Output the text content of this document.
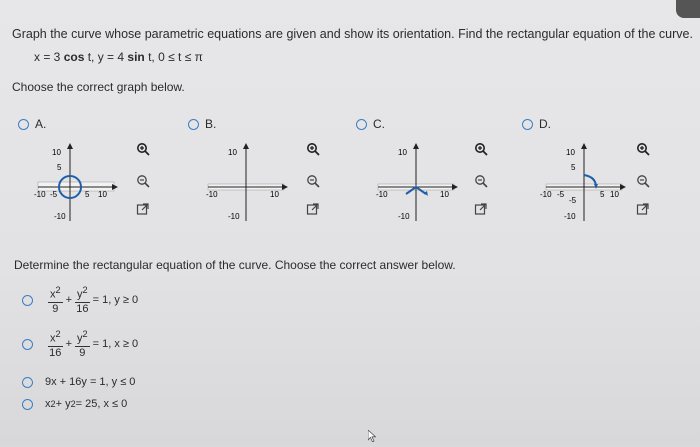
Graph the curve whose parametric equations are given and show its orientation. Find the rectangular equation of the curve.
x = 3 cos t, y = 4 sin t, 0 ≤ t ≤ π
Choose the correct graph below.
A.	B.	C.	D.
10
5
-10 -5	5 10
-10
10
-10	10
-10
10
-10	10
-10
10
5
-10 -5
-5
5 10
-10
Determine the rectangular equation of the curve. Choose the correct answer below.
$\frac{x^2}{9} + \frac{y^2}{16} = 1$, y ≥ 0
$\frac{x^2}{16} + \frac{y^2}{9} = 1$, x ≥ 0
9x + 16y = 1, y ≤ 0
x 2 + y 2 = 25, x ≤ 0
